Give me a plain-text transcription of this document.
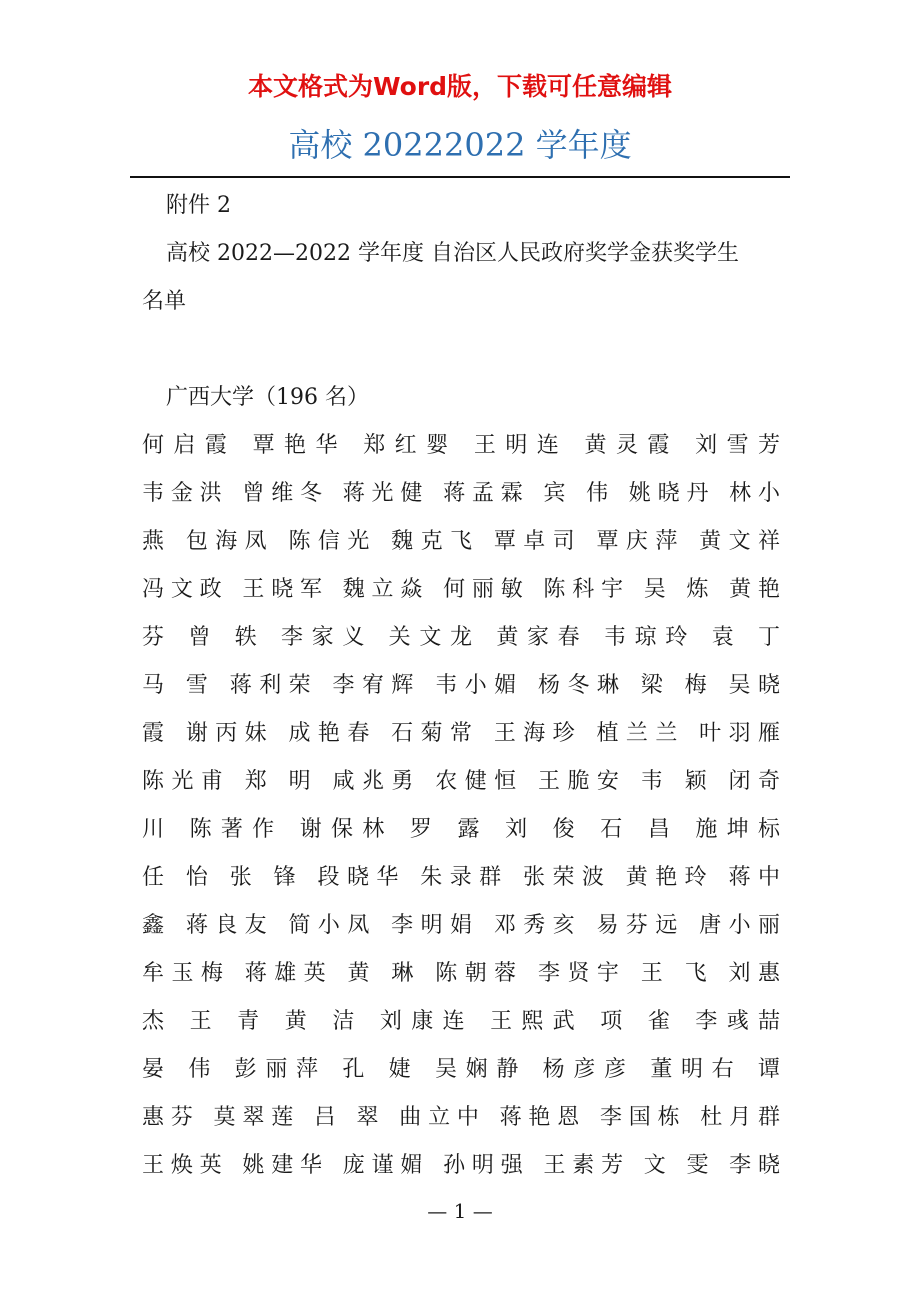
本文格式为Word版，下载可任意编辑
高校 20222022 学年度
附件 2
高校 2022—2022 学年度 自治区人民政府奖学金获奖学生
名单
广西大学（196 名）
何启霞 覃艳华 郑红婴 王明连 黄灵霞 刘雪芳
韦金洪 曾维冬 蒋光健 蒋孟霖 宾 伟 姚晓丹 林小
燕 包海凤 陈信光 魏克飞 覃卓司 覃庆萍 黄文祥
冯文政 王晓军 魏立焱 何丽敏 陈科宇 吴 炼 黄艳
芬 曾 轶 李家义 关文龙 黄家春 韦琼玲 袁 丁
马 雪 蒋利荣 李宥辉 韦小媚 杨冬琳 梁 梅 吴晓
霞 谢丙妹 成艳春 石菊常 王海珍 植兰兰 叶羽雁
陈光甫 郑 明 咸兆勇 农健恒 王脆安 韦 颖 闭奇
川 陈著作 谢保林 罗 露 刘 俊 石 昌 施坤标
任 怡 张 锋 段晓华 朱录群 张荣波 黄艳玲 蒋中
鑫 蒋良友 简小凤 李明娟 邓秀亥 易芬远 唐小丽
牟玉梅 蒋雄英 黄 琳 陈朝蓉 李贤宇 王 飞 刘惠
杰 王 青 黄 洁 刘康连 王熙武 项 雀 李彧喆
晏 伟 彭丽萍 孔 婕 吴娴静 杨彦彦 董明右 谭
惠芬 莫翠莲 吕 翠 曲立中 蒋艳恩 李国栋 杜月群
王焕英 姚建华 庞谨媚 孙明强 王素芳 文 雯 李晓
— 1 —
